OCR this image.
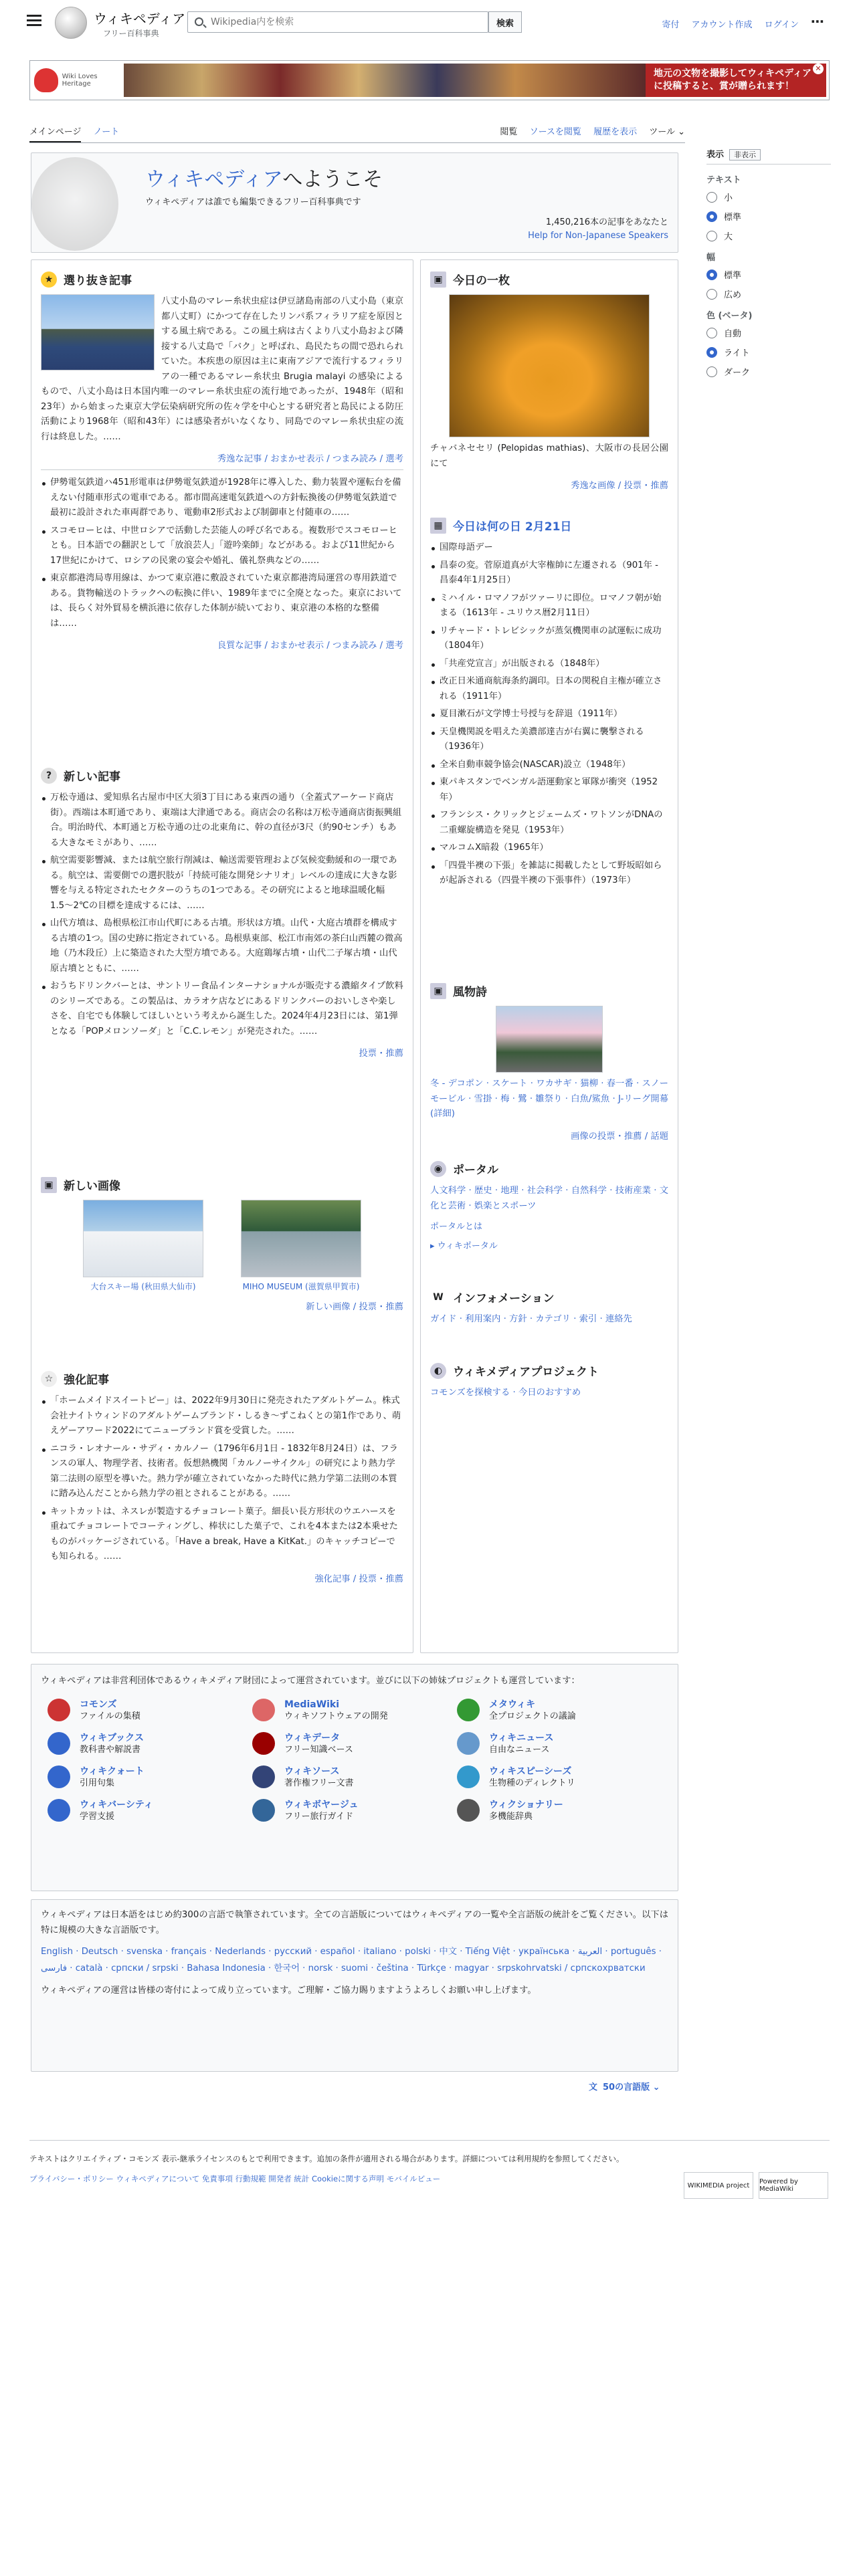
ウィキペディア
フリー百科事典
Wikipedia内を検索
検索	寄付 アカウント作成 ログイン ⋯
Wiki Loves Heritage
地元の文物を撮影してウィキペディアに投稿すると、賞が贈られます！
✕
メインページ ノート	閲覧 ソースを閲覧 履歴を表示 ツール ⌄
表示 非表示
テキスト
小
標準
大
幅
標準
広め
色 (ベータ)
自動
ライト
ダーク
ウィキペディアへようこそ
ウィキペディアは誰でも編集できるフリー百科事典です
1,450,216本の記事をあなたと
Help for Non-Japanese Speakers
★ 選り抜き記事

八丈小島のマレー糸状虫症は伊豆諸島南部の八丈小島（東京都八丈町）にかつて存在したリンパ系フィラリア症を原因とする風土病である。この風土病は古くより八丈小島および隣接する八丈島で「バク」と呼ばれ、島民たちの間で恐れられていた。本疾患の原因は主に東南アジアで流行するフィラリアの一種であるマレー糸状虫 Brugia malayi の感染によるもので、八丈小島は日本国内唯一のマレー糸状虫症の流行地であったが、1948年（昭和23年）から始まった東京大学伝染病研究所の佐々学を中心とする研究者と島民による防圧活動により1968年（昭和43年）には感染者がいなくなり、同島でのマレー糸状虫症の流行は終息した。……

秀逸な記事 / おまかせ表示 / つまみ読み / 選考
伊勢電気鉄道ハ451形電車は伊勢電気鉄道が1928年に導入した、動力装置や運転台を備えない付随車形式の電車である。都市間高速電気鉄道への方針転換後の伊勢電気鉄道で最初に設計された車両群であり、電動車2形式および制御車と付随車の……
スコモローヒは、中世ロシアで活動した芸能人の呼び名である。複数形でスコモローヒとも。日本語での翻訳として「放浪芸人」「遊吟楽師」などがある。および11世紀から17世紀にかけて、ロシアの民衆の宴会や婚礼、儀礼祭典などの……
東京都港湾局専用線は、かつて東京港に敷設されていた東京都港湾局運営の専用鉄道である。貨物輸送のトラックへの転換に伴い、1989年までに全廃となった。東京においては、長らく対外貿易を横浜港に依存した体制が続いており、東京港の本格的な整備は……
良質な記事 / おまかせ表示 / つまみ読み / 選考
?	新しい記事
万松寺通は、愛知県名古屋市中区大須3丁目にある東西の通り（全蓋式アーケード商店街）。西端は本町通であり、東端は大津通である。商店会の名称は万松寺通商店街振興組合。明治時代、本町通と万松寺通の辻の北東角に、幹の直径が3尺（約90センチ）もある大きなモミがあり、……
航空需要影響減、または航空旅行削減は、輸送需要管理および気候変動緩和の一環である。航空は、需要側での選択肢が「持続可能な開発シナリオ」レベルの達成に大きな影響を与える特定されたセクターのうちの1つである。その研究によると地球温暖化幅1.5〜2℃の目標を達成するには、……
山代方墳は、島根県松江市山代町にある古墳。形状は方墳。山代・大庭古墳群を構成する古墳の1つ。国の史跡に指定されている。島根県東部、松江市南郊の茶臼山西麓の微高地（乃木段丘）上に築造された大型方墳である。大庭鶏塚古墳・山代二子塚古墳・山代原古墳とともに、……
おうちドリンクバーとは、サントリー食品インターナショナルが販売する濃縮タイプ飲料のシリーズである。この製品は、カラオケ店などにあるドリンクバーのおいしさや楽しさを、自宅でも体験してほしいという考えから誕生した。2024年4月23日には、第1弾となる「POPメロンソーダ」と「C.C.レモン」が発売された。……
投票・推薦
▣ 新しい画像
大台スキー場 (秋田県大仙市)	MIHO MUSEUM (滋賀県甲賀市)
新しい画像 / 投票・推薦
☆ 強化記事
「ホームメイドスイートピー」は、2022年9月30日に発売されたアダルトゲーム。株式会社ナイトウィンドのアダルトゲームブランド・しるき〜ずこねくとの第1作であり、萌えゲーアワード2022にてニューブランド賞を受賞した。……
ニコラ・レオナール・サディ・カルノー（1796年6月1日 - 1832年8月24日）は、フランスの軍人、物理学者、技術者。仮想熱機関「カルノーサイクル」の研究により熱力学第二法則の原型を導いた。熱力学が確立されていなかった時代に熱力学第二法則の本質に踏み込んだことから熱力学の祖とされることがある。……
キットカットは、ネスレが製造するチョコレート菓子。細長い長方形状のウエハースを重ねてチョコレートでコーティングし、棒状にした菓子で、これを4本または2本乗せたものがパッケージされている。「Have a break, Have a KitKat.」のキャッチコピーでも知られる。……
強化記事 / 投票・推薦
▣ 今日の一枚
チャバネセセリ (Pelopidas mathias)、大阪市の長居公園にて
秀逸な画像 / 投票・推薦
▦ 今日は何の日 2月21日
国際母語デー
昌泰の変。菅原道真が大宰権帥に左遷される（901年 - 昌泰4年1月25日）
ミハイル・ロマノフがツァーリに即位。ロマノフ朝が始まる（1613年 - ユリウス暦2月11日）
リチャード・トレビシックが蒸気機関車の試運転に成功（1804年）
「共産党宣言」が出版される（1848年）
改正日米通商航海条約調印。日本の関税自主権が確立される（1911年）
夏目漱石が文学博士号授与を辞退（1911年）
天皇機関説を唱えた美濃部達吉が右翼に襲撃される（1936年）
全米自動車競争協会(NASCAR)設立（1948年）
東パキスタンでベンガル語運動家と軍隊が衝突（1952年）
フランシス・クリックとジェームズ・ワトソンがDNAの二重螺旋構造を発見（1953年）
マルコムX暗殺（1965年）
「四畳半襖の下張」を雑誌に掲載したとして野坂昭如らが起訴される（四畳半襖の下張事件）（1973年）
▣ 風物詩
冬 - デコポン · スケート · ワカサギ · 猫柳 · 春一番 · スノーモービル · 雪掛 · 梅 · 鷺 · 雛祭り · 白魚/鯊魚 · J-リーグ開幕 (詳細)
画像の投票・推薦 / 話題
◉ ポータル
人文科学 · 歴史 · 地理 · 社会科学 · 自然科学 · 技術産業 · 文化と芸術 · 娯楽とスポーツ
ポータルとは
▸ ウィキポータル
W インフォメーション
ガイド · 利用案内 · 方針 · カテゴリ · 索引 · 連絡先
◐ ウィキメディアプロジェクト
コモンズを探検する · 今日のおすすめ
ウィキペディアは非営利団体であるウィキメディア財団によって運営されています。並びに以下の姉妹プロジェクトも運営しています：
コモンズ
ファイルの集積
MediaWiki
ウィキソフトウェアの開発
メタウィキ
全プロジェクトの議論
ウィキブックス
教科書や解説書
ウィキデータ
フリー知識ベース
ウィキニュース
自由なニュース
ウィキクォート
引用句集
ウィキソース
著作権フリー文書
ウィキスピーシーズ
生物種のディレクトリ
ウィキバーシティ
学習支援
ウィキボヤージュ
フリー旅行ガイド
ウィクショナリー
多機能辞典
ウィキペディアは日本語をはじめ約300の言語で執筆されています。全ての言語版についてはウィキペディアの一覧や全言語版の統計をご覧ください。以下は特に規模の大きな言語版です。
English · Deutsch · svenska · français · Nederlands · русский · español · italiano · polski · 中文 · Tiếng Việt · українська · العربية · português · فارسی · català · српски / srpski · Bahasa Indonesia · 한국어 · norsk · suomi · čeština · Türkçe · magyar · srpskohrvatski / српскохрватски
ウィキペディアの運営は皆様の寄付によって成り立っています。ご理解・ご協力賜りますようよろしくお願い申し上げます。
文 50の言語版 ⌄
テキストはクリエイティブ・コモンズ 表示-継承ライセンスのもとで利用できます。追加の条件が適用される場合があります。詳細については利用規約を参照してください。
プライバシー・ポリシー ウィキペディアについて 免責事項 行動規範 開発者 統計 Cookieに関する声明 モバイルビュー
WIKIMEDIA project	Powered by MediaWiki
